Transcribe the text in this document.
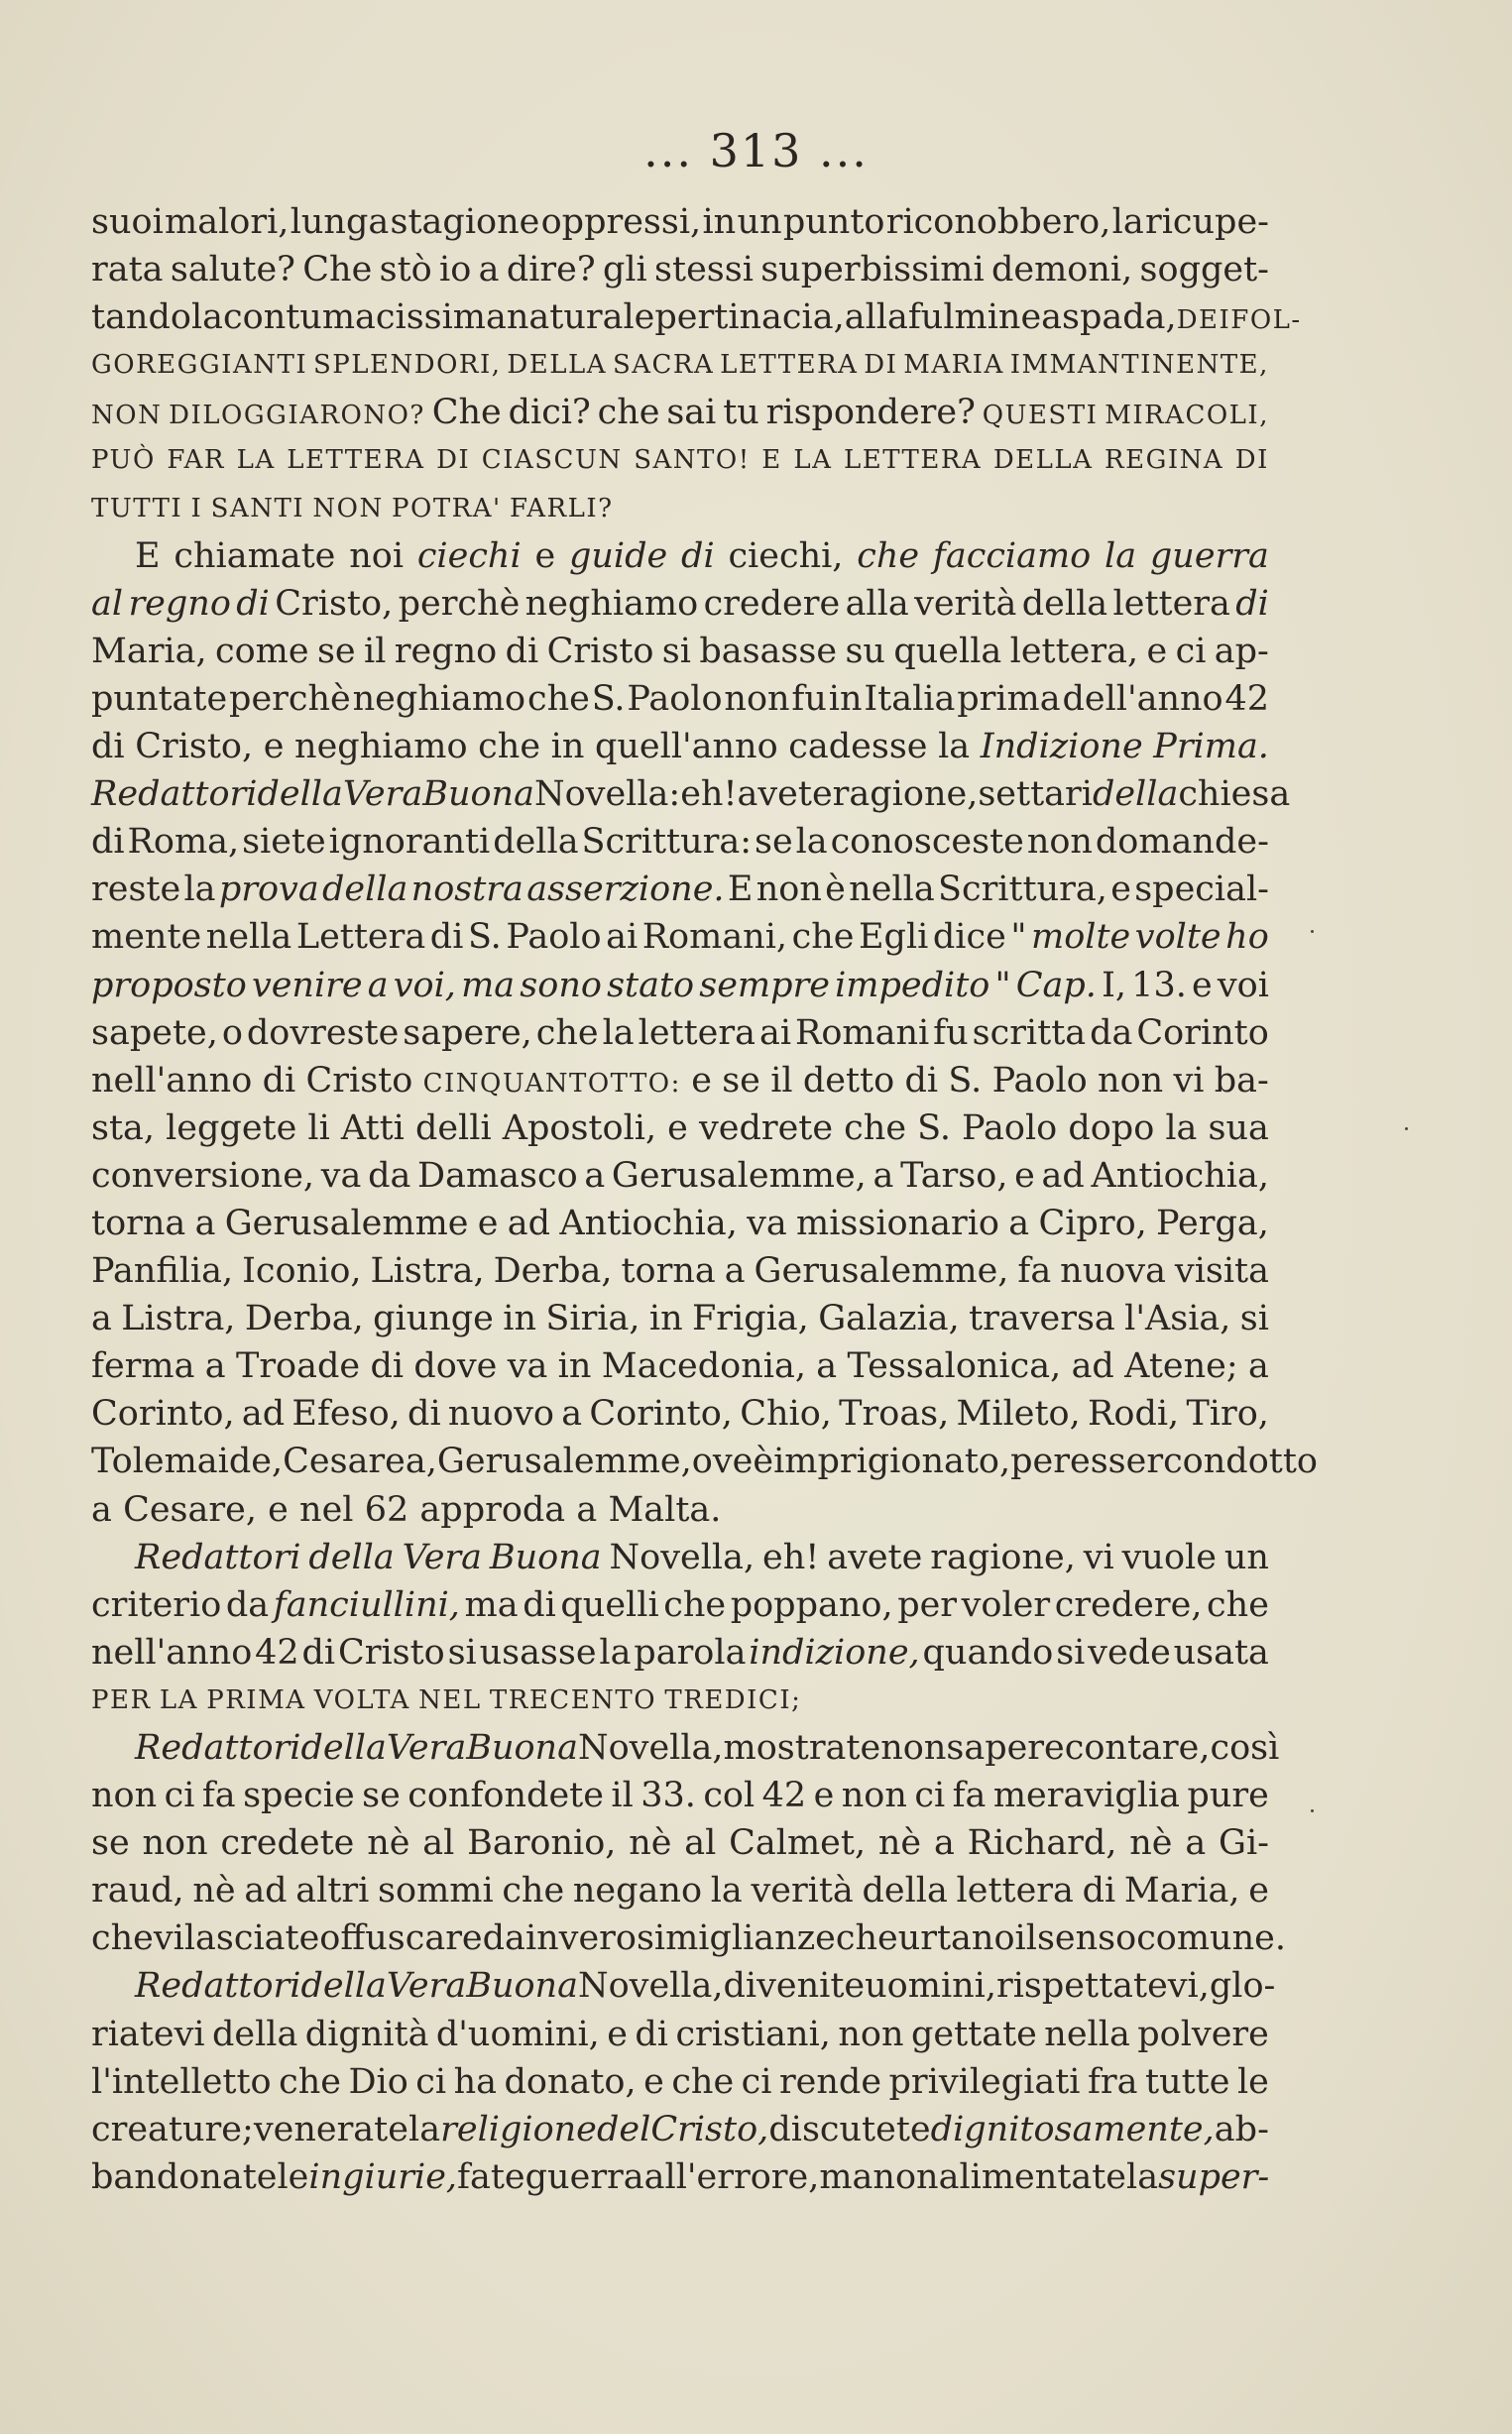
... 313 ...
suoi malori, lunga stagione oppressi, in un punto riconobbero, la ricupe-
rata salute? Che stò io a dire? gli stessi superbissimi demoni, sogget-
tando la contumacissima naturale pertinacia, alla fulminea spada, DEI FOL-
GOREGGIANTI SPLENDORI, DELLA SACRA LETTERA DI MARIA IMMANTINENTE,
NON DILOGGIARONO? Che dici? che sai tu rispondere? QUESTI MIRACOLI,
PUÒ FAR LA LETTERA DI CIASCUN SANTO! E LA LETTERA DELLA REGINA DI
TUTTI I SANTI NON POTRA' FARLI?
E chiamate noi ciechi e guide di ciechi, che facciamo la guerra
al regno di Cristo, perchè neghiamo credere alla verità della lettera di
Maria, come se il regno di Cristo si basasse su quella lettera, e ci ap-
puntate perchè neghiamo che S. Paolo non fu in Italia prima dell'anno 42
di Cristo, e neghiamo che in quell'anno cadesse la Indizione Prima.
Redattori della Vera Buona Novella: eh! avete ragione, settari della chiesa
di Roma, siete ignoranti della Scrittura: se la conosceste non domande-
reste la prova della nostra asserzione. E non è nella Scrittura, e special-
mente nella Lettera di S. Paolo ai Romani, che Egli dice " molte volte ho
proposto venire a voi, ma sono stato sempre impedito " Cap. I, 13. e voi
sapete, o dovreste sapere, che la lettera ai Romani fu scritta da Corinto
nell'anno di Cristo CINQUANTOTTO: e se il detto di S. Paolo non vi ba-
sta, leggete li Atti delli Apostoli, e vedrete che S. Paolo dopo la sua
conversione, va da Damasco a Gerusalemme, a Tarso, e ad Antiochia,
torna a Gerusalemme e ad Antiochia, va missionario a Cipro, Perga,
Panfilia, Iconio, Listra, Derba, torna a Gerusalemme, fa nuova visita
a Listra, Derba, giunge in Siria, in Frigia, Galazia, traversa l'Asia, si
ferma a Troade di dove va in Macedonia, a Tessalonica, ad Atene; a
Corinto, ad Efeso, di nuovo a Corinto, Chio, Troas, Mileto, Rodi, Tiro,
Tolemaide, Cesarea, Gerusalemme, ove è imprigionato, per esser condotto
a Cesare, e nel 62 approda a Malta.
Redattori della Vera Buona Novella, eh! avete ragione, vi vuole un
criterio da fanciullini, ma di quelli che poppano, per voler credere, che
nell'anno 42 di Cristo si usasse la parola indizione, quando si vede usata
PER LA PRIMA VOLTA NEL TRECENTO TREDICI;
Redattori della Vera Buona Novella, mostrate non sapere contare, così
non ci fa specie se confondete il 33. col 42 e non ci fa meraviglia pure
se non credete nè al Baronio, nè al Calmet, nè a Richard, nè a Gi-
raud, nè ad altri sommi che negano la verità della lettera di Maria, e
che vi lasciate offuscare da inverosimiglianze che urtano il senso comune.
Redattori della Vera Buona Novella, divenite uomini, rispettatevi, glo-
riatevi della dignità d'uomini, e di cristiani, non gettate nella polvere
l'intelletto che Dio ci ha donato, e che ci rende privilegiati fra tutte le
creature; venerate la religione del Cristo, discutete dignitosamente, ab-
bandonate le ingiurie, fate guerra all'errore, ma non alimentate la super-
